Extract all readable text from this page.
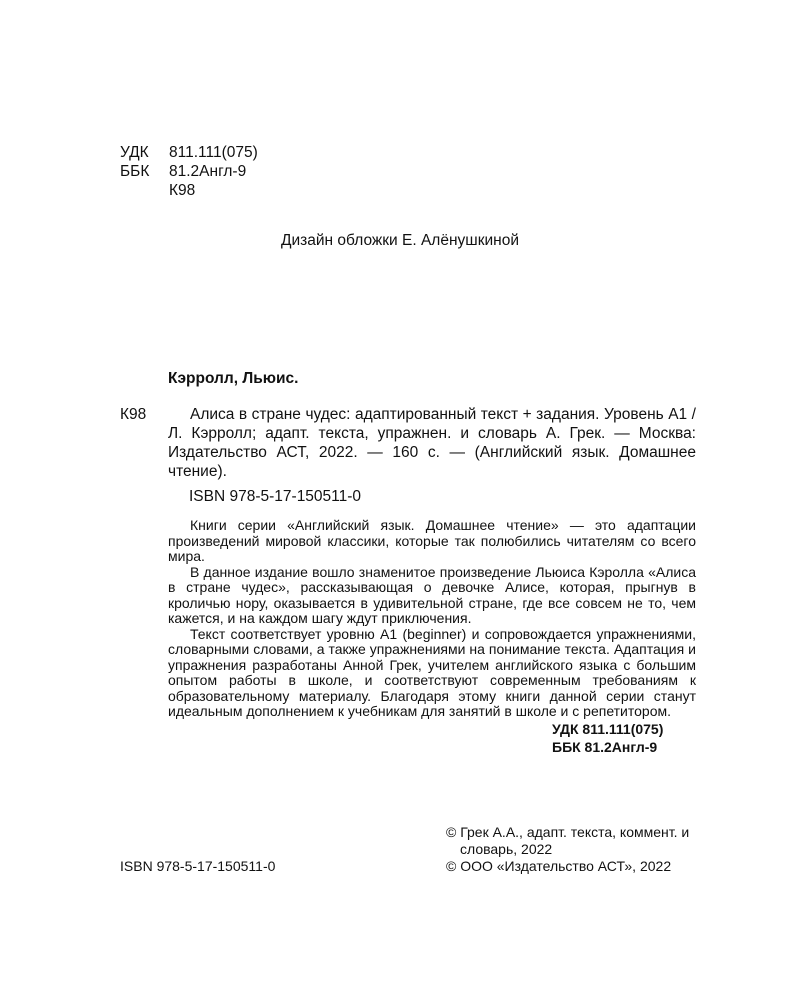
УДК	811.111(075)
ББК	81.2Англ-9
К98
Дизайн обложки Е. Алёнушкиной
Кэрролл, Льюис.
К98	Алиса в стране чудес: адаптированный текст + задания. Уровень А1 / Л. Кэрролл; адапт. текста, упражнен. и словарь А. Грек. — Москва: Издательство АСТ, 2022. — 160 с. — (Английский язык. Домашнее чтение).

ISBN 978-5-17-150511-0

Книги серии «Английский язык. Домашнее чтение» — это адаптации произведений мировой классики, которые так полюбились читателям со всего мира.

В данное издание вошло знаменитое произведение Льюиса Кэролла «Алиса в стране чудес», рассказывающая о девочке Алисе, которая, прыгнув в кроличью нору, оказывается в удивительной стране, где все совсем не то, чем кажется, и на каждом шагу ждут приключения.

Текст соответствует уровню А1 (beginner) и сопровождается упражнениями, словарными словами, а также упражнениями на понимание текста. Адаптация и упражнения разработаны Анной Грек, учителем английского языка с большим опытом работы в школе, и соответствуют современным требованиям к образовательному материалу. Благодаря этому книги данной серии станут идеальным дополнением к учебникам для занятий в школе и с репетитором.

УДК 811.111(075)
ББК 81.2Англ-9
© Грек А.А., адапт. текста, коммент. и словарь, 2022
© ООО «Издательство АСТ», 2022
ISBN 978-5-17-150511-0
